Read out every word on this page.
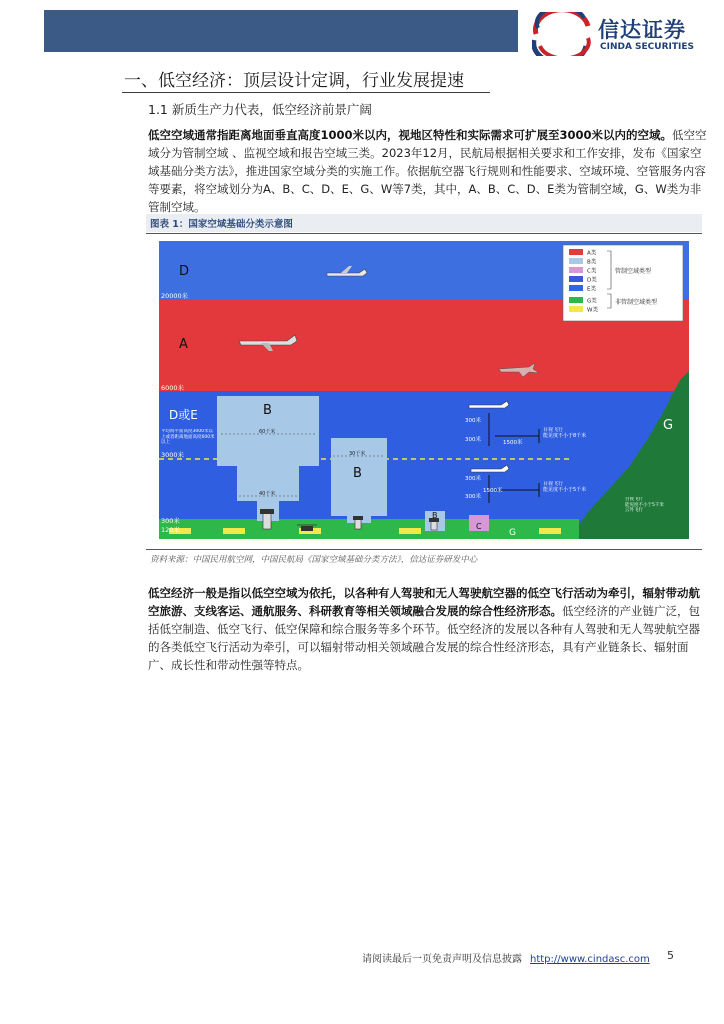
信达证券
CINDA SECURITIES
一、低空经济：顶层设计定调，行业发展提速
1.1 新质生产力代表，低空经济前景广阔

低空空域通常指距离地面垂直高度1000米以内，视地区特性和实际需求可扩展至3000米以内的空域。低空空域分为管制空域 、监视空域和报告空域三类。2023年12月，民航局根据相关要求和工作安排，发布《国家空域基础分类方法》，推进国家空域分类的实施工作。依据航空器飞行规则和性能要求、空域环境、空管服务内容等要素，将空域划分为A、B、C、D、E、G、W等7类，其中，A、B、C、D、E类为管制空域，G、W类为非管制空域。

图表 1：国家空域基础分类示意图
A类
B类
C类
D类
E类
G类
W类
管制空域类型
非管制空域类型
D
A
D或E	B
B
B
C
G
G
20000米
6000米
3000米
300米
120米
平均海平面高度3000米以上或者距离地面高度600米以上
60千米
40千米
30千米
300米
300米	1500米
300米
300米
1500米
目视飞行
能见度不小于8千米
目视飞行
能见度不小于5千米
目视飞行
能见度不小于5千米
云外飞行
资料来源：中国民用航空网，中国民航局《国家空域基础分类方法》，信达证券研发中心

低空经济一般是指以低空空域为依托，以各种有人驾驶和无人驾驶航空器的低空飞行活动为牵引，辐射带动航空旅游、支线客运、通航服务、科研教育等相关领域融合发展的综合性经济形态。低空经济的产业链广泛，包括低空制造、低空飞行、低空保障和综合服务等多个环节。低空经济的发展以各种有人驾驶和无人驾驶航空器的各类低空飞行活动为牵引，可以辐射带动相关领域融合发展的综合性经济形态，具有产业链条长、辐射面广、成长性和带动性强等特点。

请阅读最后一页免责声明及信息披露 http://www.cindasc.com 5
